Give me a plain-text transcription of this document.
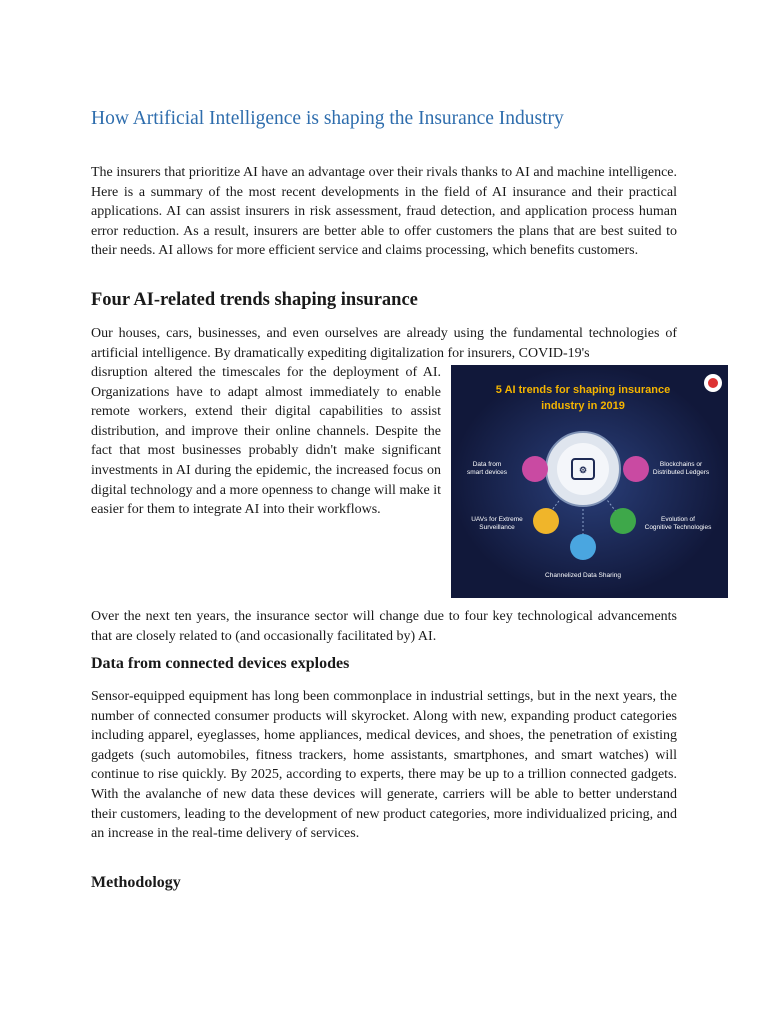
How Artificial Intelligence is shaping the Insurance Industry

The insurers that prioritize AI have an advantage over their rivals thanks to AI and machine intelligence. Here is a summary of the most recent developments in the field of AI insurance and their practical applications. AI can assist insurers in risk assessment, fraud detection, and application process human error reduction. As a result, insurers are better able to offer customers the plans that are best suited to their needs. AI allows for more efficient service and claims processing, which benefits customers.

Four AI-related trends shaping insurance

Our houses, cars, businesses, and even ourselves are already using the fundamental technologies of artificial intelligence. By dramatically expediting digitalization for insurers, COVID-19's

disruption altered the timescales for the deployment of AI. Organizations have to adapt almost immediately to enable remote workers, extend their digital capabilities to assist distribution, and improve their online channels. Despite the fact that most businesses probably didn't make significant investments in AI during the epidemic, the increased focus on digital technology and a more openness to change will make it easier for them to integrate AI into their workflows.

5 AI trends for shaping insurance
industry in 2019
⚙
Data from
smart devices
Blockchains or
Distributed Ledgers
UAVs for Extreme
Surveillance
Evolution of
Cognitive Technologies
Channelized Data Sharing

Over the next ten years, the insurance sector will change due to four key technological advancements that are closely related to (and occasionally facilitated by) AI.

Data from connected devices explodes

Sensor-equipped equipment has long been commonplace in industrial settings, but in the next years, the number of connected consumer products will skyrocket. Along with new, expanding product categories including apparel, eyeglasses, home appliances, medical devices, and shoes, the penetration of existing gadgets (such automobiles, fitness trackers, home assistants, smartphones, and smart watches) will continue to rise quickly. By 2025, according to experts, there may be up to a trillion connected gadgets. With the avalanche of new data these devices will generate, carriers will be able to better understand their customers, leading to the development of new product categories, more individualized pricing, and an increase in the real-time delivery of services.

Methodology
